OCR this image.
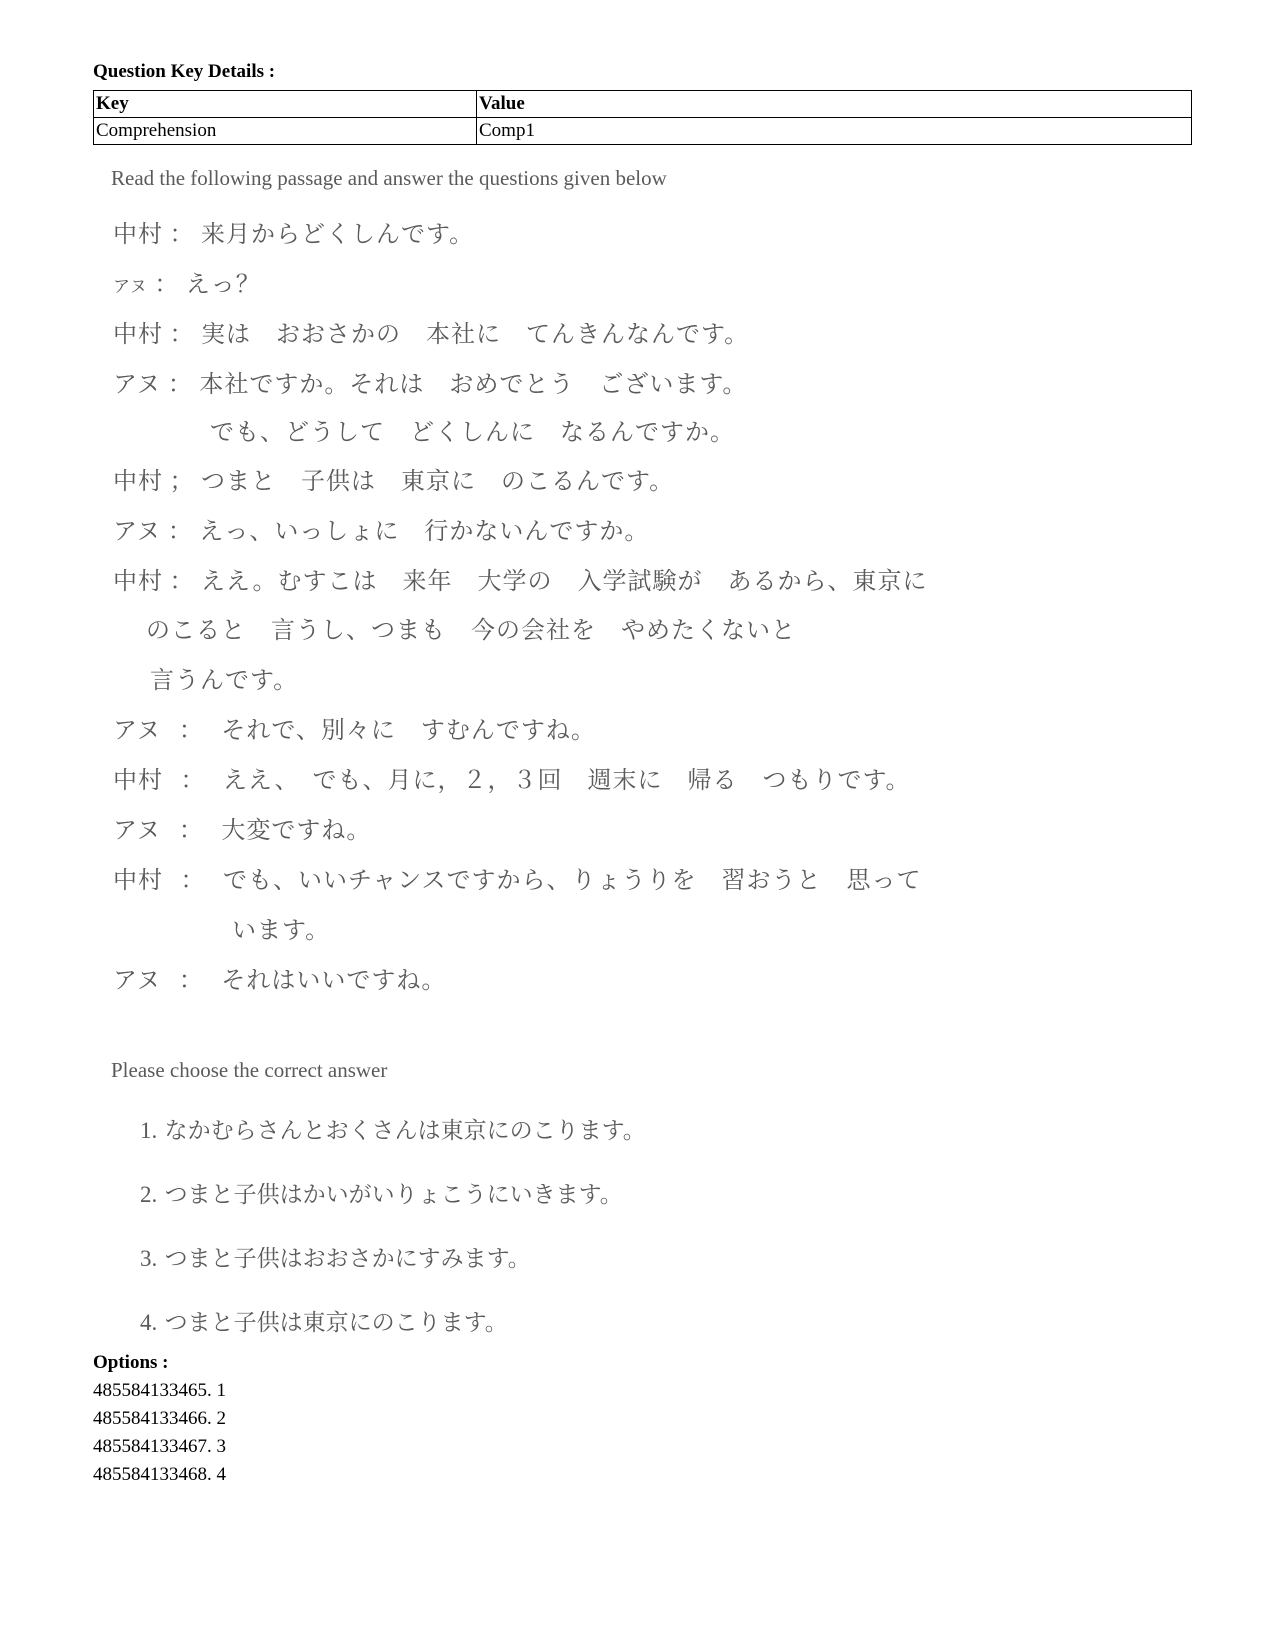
Question Key Details :
Key	Value
Comprehension	Comp1
Read the following passage and answer the questions given below
中村 ： 来月からどくしんです。
アヌ ： えっ？
中村 ： 実は　おおさかの　本社に　てんきんなんです。
アヌ ： 本社ですか。それは　おめでとう　ございます。
でも、どうして　どくしんに　なるんですか。
中村 ； つまと　子供は　東京に　のこるんです。
アヌ ： えっ、いっしょに　行かないんですか。
中村 ： ええ。むすこは　来年　大学の　入学試験が　あるから、東京に
のこると　言うし、つまも　今の会社を　やめたくないと
言うんです。
アヌ ： それで、別々に　すむんですね。
中村 ： ええ、　でも、月に，２，３回　週末に　帰る　つもりです。
アヌ ： 大変ですね。
中村 ： でも、いいチャンスですから、りょうりを　習おうと　思って
います。
アヌ ： それはいいですね。
Please choose the correct answer
1. なかむらさんとおくさんは東京にのこります。
2. つまと子供はかいがいりょこうにいきます。
3. つまと子供はおおさかにすみます。
4. つまと子供は東京にのこります。
Options :
485584133465. 1
485584133466. 2
485584133467. 3
485584133468. 4
